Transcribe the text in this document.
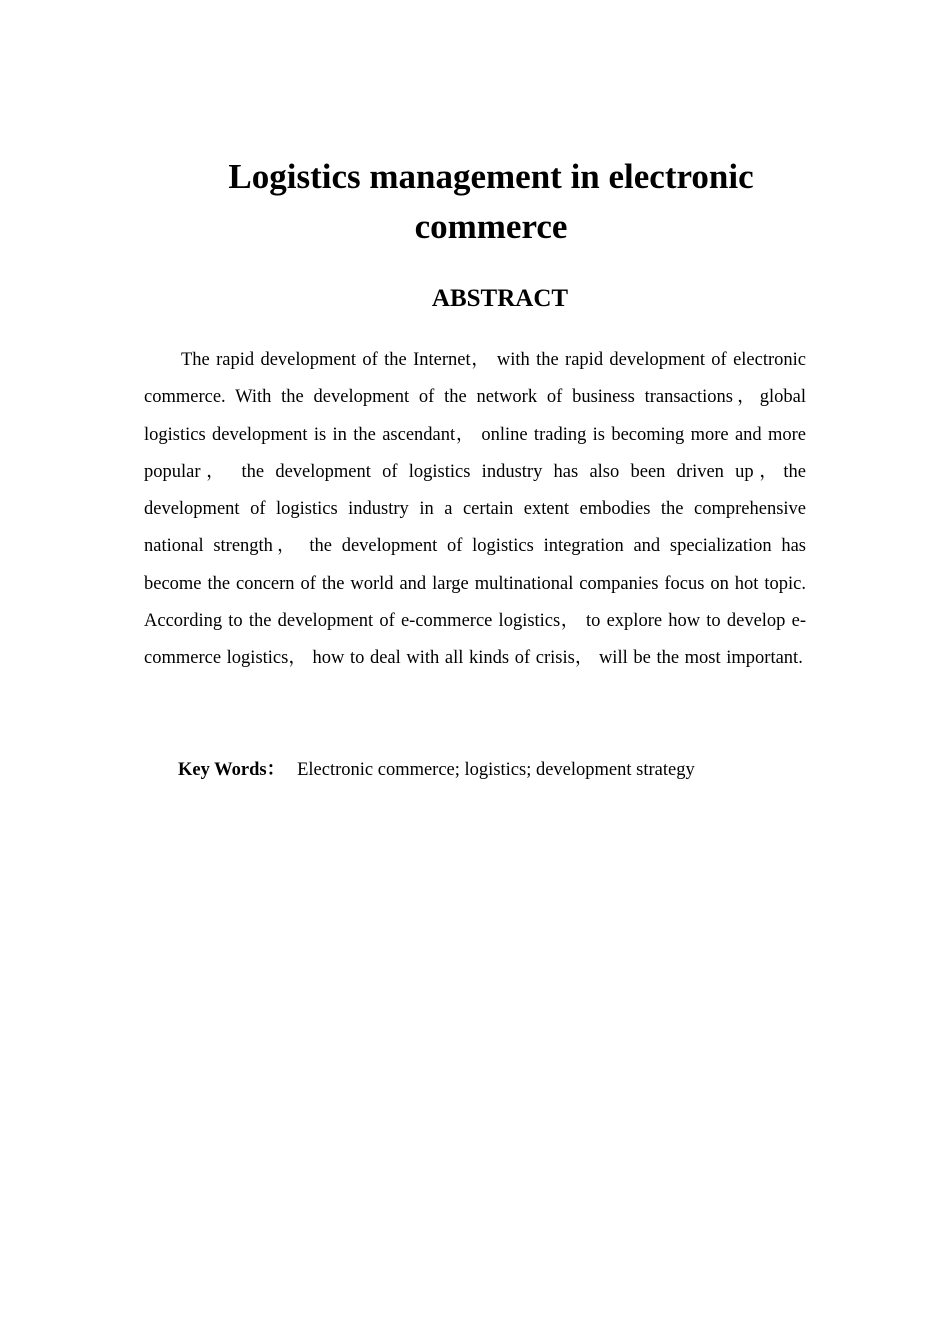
Logistics management in electronic commerce
ABSTRACT

The rapid development of the Internet， with the rapid development of electronic commerce. With the development of the network of business transactions，global logistics development is in the ascendant， online trading is becoming more and more popular， the development of logistics industry has also been driven up，the development of logistics industry in a certain extent embodies the comprehensive national strength， the development of logistics integration and specialization has become the concern of the world and large multinational companies focus on hot topic. According to the development of e-commerce logistics， to explore how to develop e-commerce logistics， how to deal with all kinds of crisis， will be the most important.

Key Words： Electronic commerce; logistics; development strategy
